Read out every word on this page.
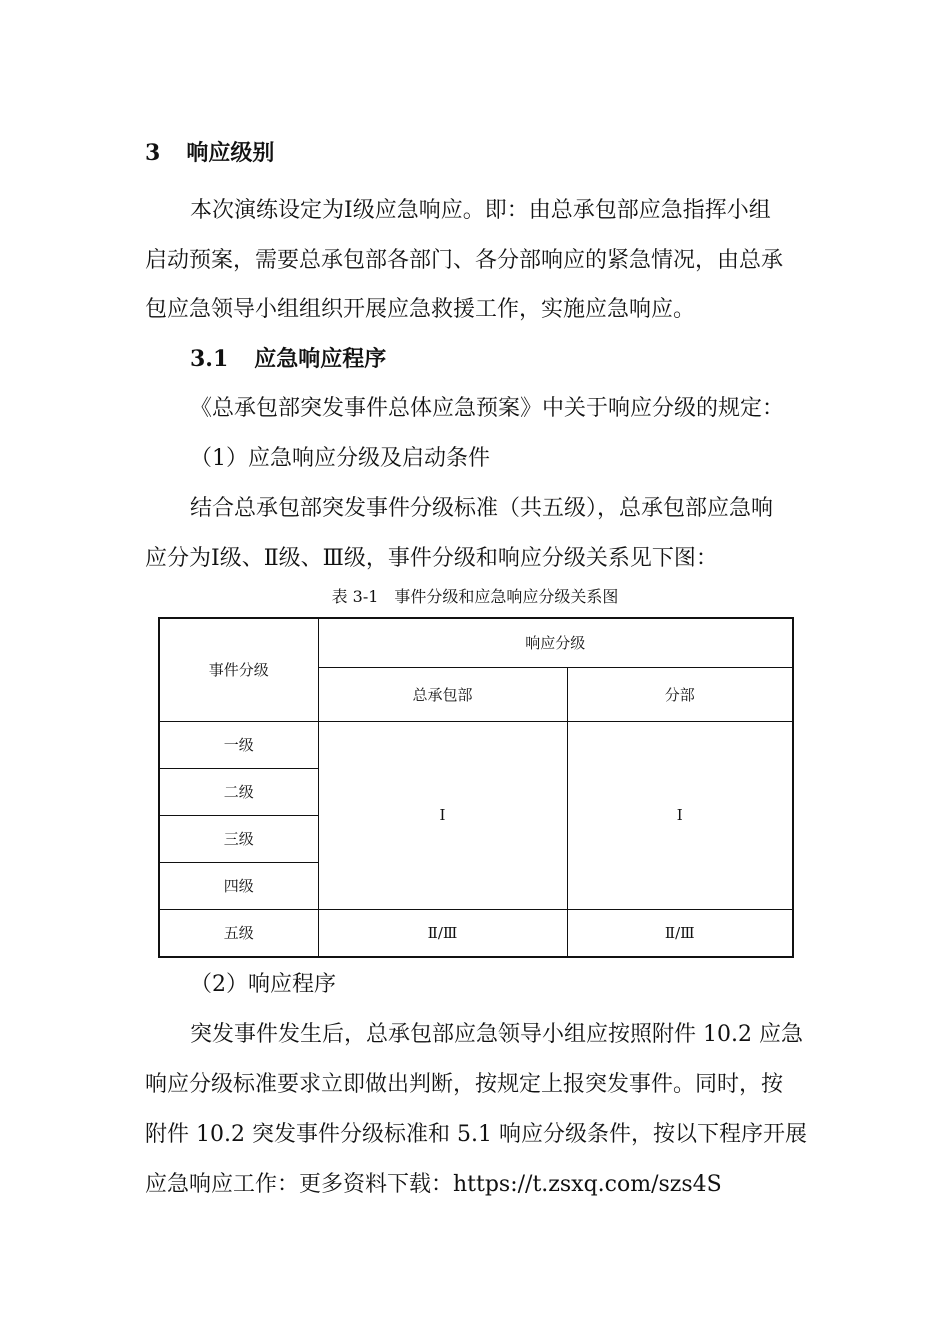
3 响应级别
本次演练设定为Ⅰ级应急响应。即：由总承包部应急指挥小组
启动预案，需要总承包部各部门、各分部响应的紧急情况，由总承
包应急领导小组组织开展应急救援工作，实施应急响应。
3.1 应急响应程序
《总承包部突发事件总体应急预案》中关于响应分级的规定：
（1）应急响应分级及启动条件
结合总承包部突发事件分级标准（共五级），总承包部应急响
应分为Ⅰ级、Ⅱ级、Ⅲ级，事件分级和响应分级关系见下图：
表 3-1　事件分级和应急响应分级关系图
事件分级	响应分级	
	总承包部	分部
一级	Ⅰ	Ⅰ
二级		
三级		
四级		
五级	Ⅱ/Ⅲ	Ⅱ/Ⅲ
（2）响应程序
突发事件发生后，总承包部应急领导小组应按照附件 10.2 应急
响应分级标准要求立即做出判断，按规定上报突发事件。同时，按
附件 10.2 突发事件分级标准和 5.1 响应分级条件，按以下程序开展
应急响应工作：更多资料下载：https://t.zsxq.com/szs4S
